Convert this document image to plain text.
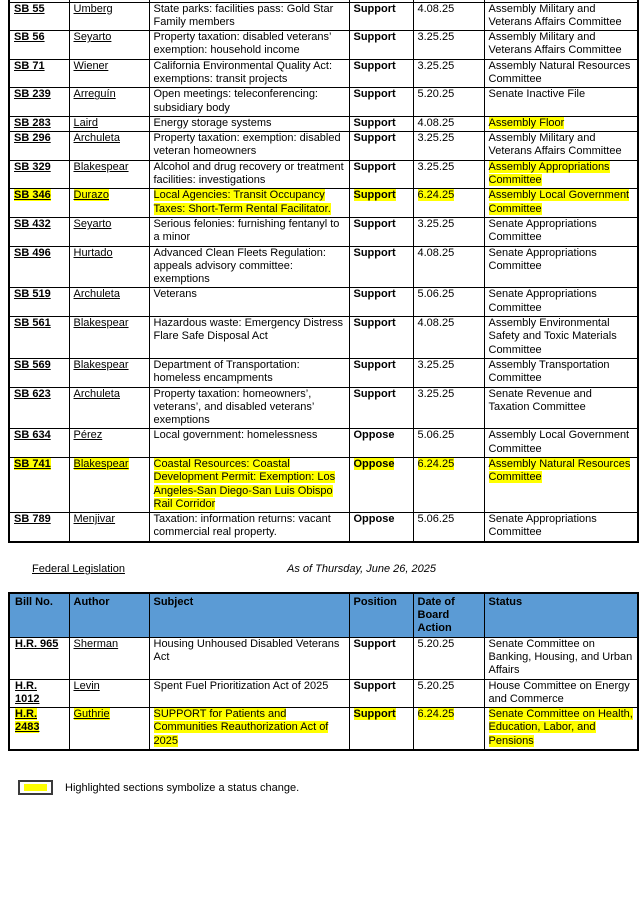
SB 55	Umberg	State parks: facilities pass: Gold Star Family members	Support	4.08.25	Assembly Military and Veterans Affairs Committee
SB 56	Seyarto	Property taxation: disabled veterans’ exemption: household income	Support	3.25.25	Assembly Military and Veterans Affairs Committee
SB 71	Wiener	California Environmental Quality Act: exemptions: transit projects	Support	3.25.25	Assembly Natural Resources Committee
SB 239	Arreguín	Open meetings: teleconferencing: subsidiary body	Support	5.20.25	Senate Inactive File
SB 283	Laird	Energy storage systems	Support	4.08.25	Assembly Floor
SB 296	Archuleta	Property taxation: exemption: disabled veteran homeowners	Support	3.25.25	Assembly Military and Veterans Affairs Committee
SB 329	Blakespear	Alcohol and drug recovery or treatment facilities: investigations	Support	3.25.25	Assembly Appropriations Committee
SB 346	Durazo	Local Agencies: Transit Occupancy Taxes: Short-Term Rental Facilitator.	Support	6.24.25	Assembly Local Government Committee
SB 432	Seyarto	Serious felonies: furnishing fentanyl to a minor	Support	3.25.25	Senate Appropriations Committee
SB 496	Hurtado	Advanced Clean Fleets Regulation: appeals advisory committee: exemptions	Support	4.08.25	Senate Appropriations Committee
SB 519	Archuleta	Veterans	Support	5.06.25	Senate Appropriations Committee
SB 561	Blakespear	Hazardous waste: Emergency Distress Flare Safe Disposal Act	Support	4.08.25	Assembly Environmental Safety and Toxic Materials Committee
SB 569	Blakespear	Department of Transportation: homeless encampments	Support	3.25.25	Assembly Transportation Committee
SB 623	Archuleta	Property taxation: homeowners’, veterans’, and disabled veterans’ exemptions	Support	3.25.25	Senate Revenue and Taxation Committee
SB 634	Pérez	Local government: homelessness	Oppose	5.06.25	Assembly Local Government Committee
SB 741	Blakespear	Coastal Resources: Coastal Development Permit: Exemption: Los Angeles-San Diego-San Luis Obispo Rail Corridor	Oppose	6.24.25	Assembly Natural Resources Committee
SB 789	Menjivar	Taxation: information returns: vacant commercial real property.	Oppose	5.06.25	Senate Appropriations Committee
Federal Legislation	As of Thursday, June 26, 2025
Bill No.	Author	Subject	Position	Date of Board Action	Status
H.R. 965	Sherman	Housing Unhoused Disabled Veterans Act	Support	5.20.25	Senate Committee on Banking, Housing, and Urban Affairs
H.R. 1012	Levin	Spent Fuel Prioritization Act of 2025	Support	5.20.25	House Committee on Energy and Commerce
H.R. 2483	Guthrie	SUPPORT for Patients and Communities Reauthorization Act of 2025	Support	6.24.25	Senate Committee on Health, Education, Labor, and Pensions
Highlighted sections symbolize a status change.
